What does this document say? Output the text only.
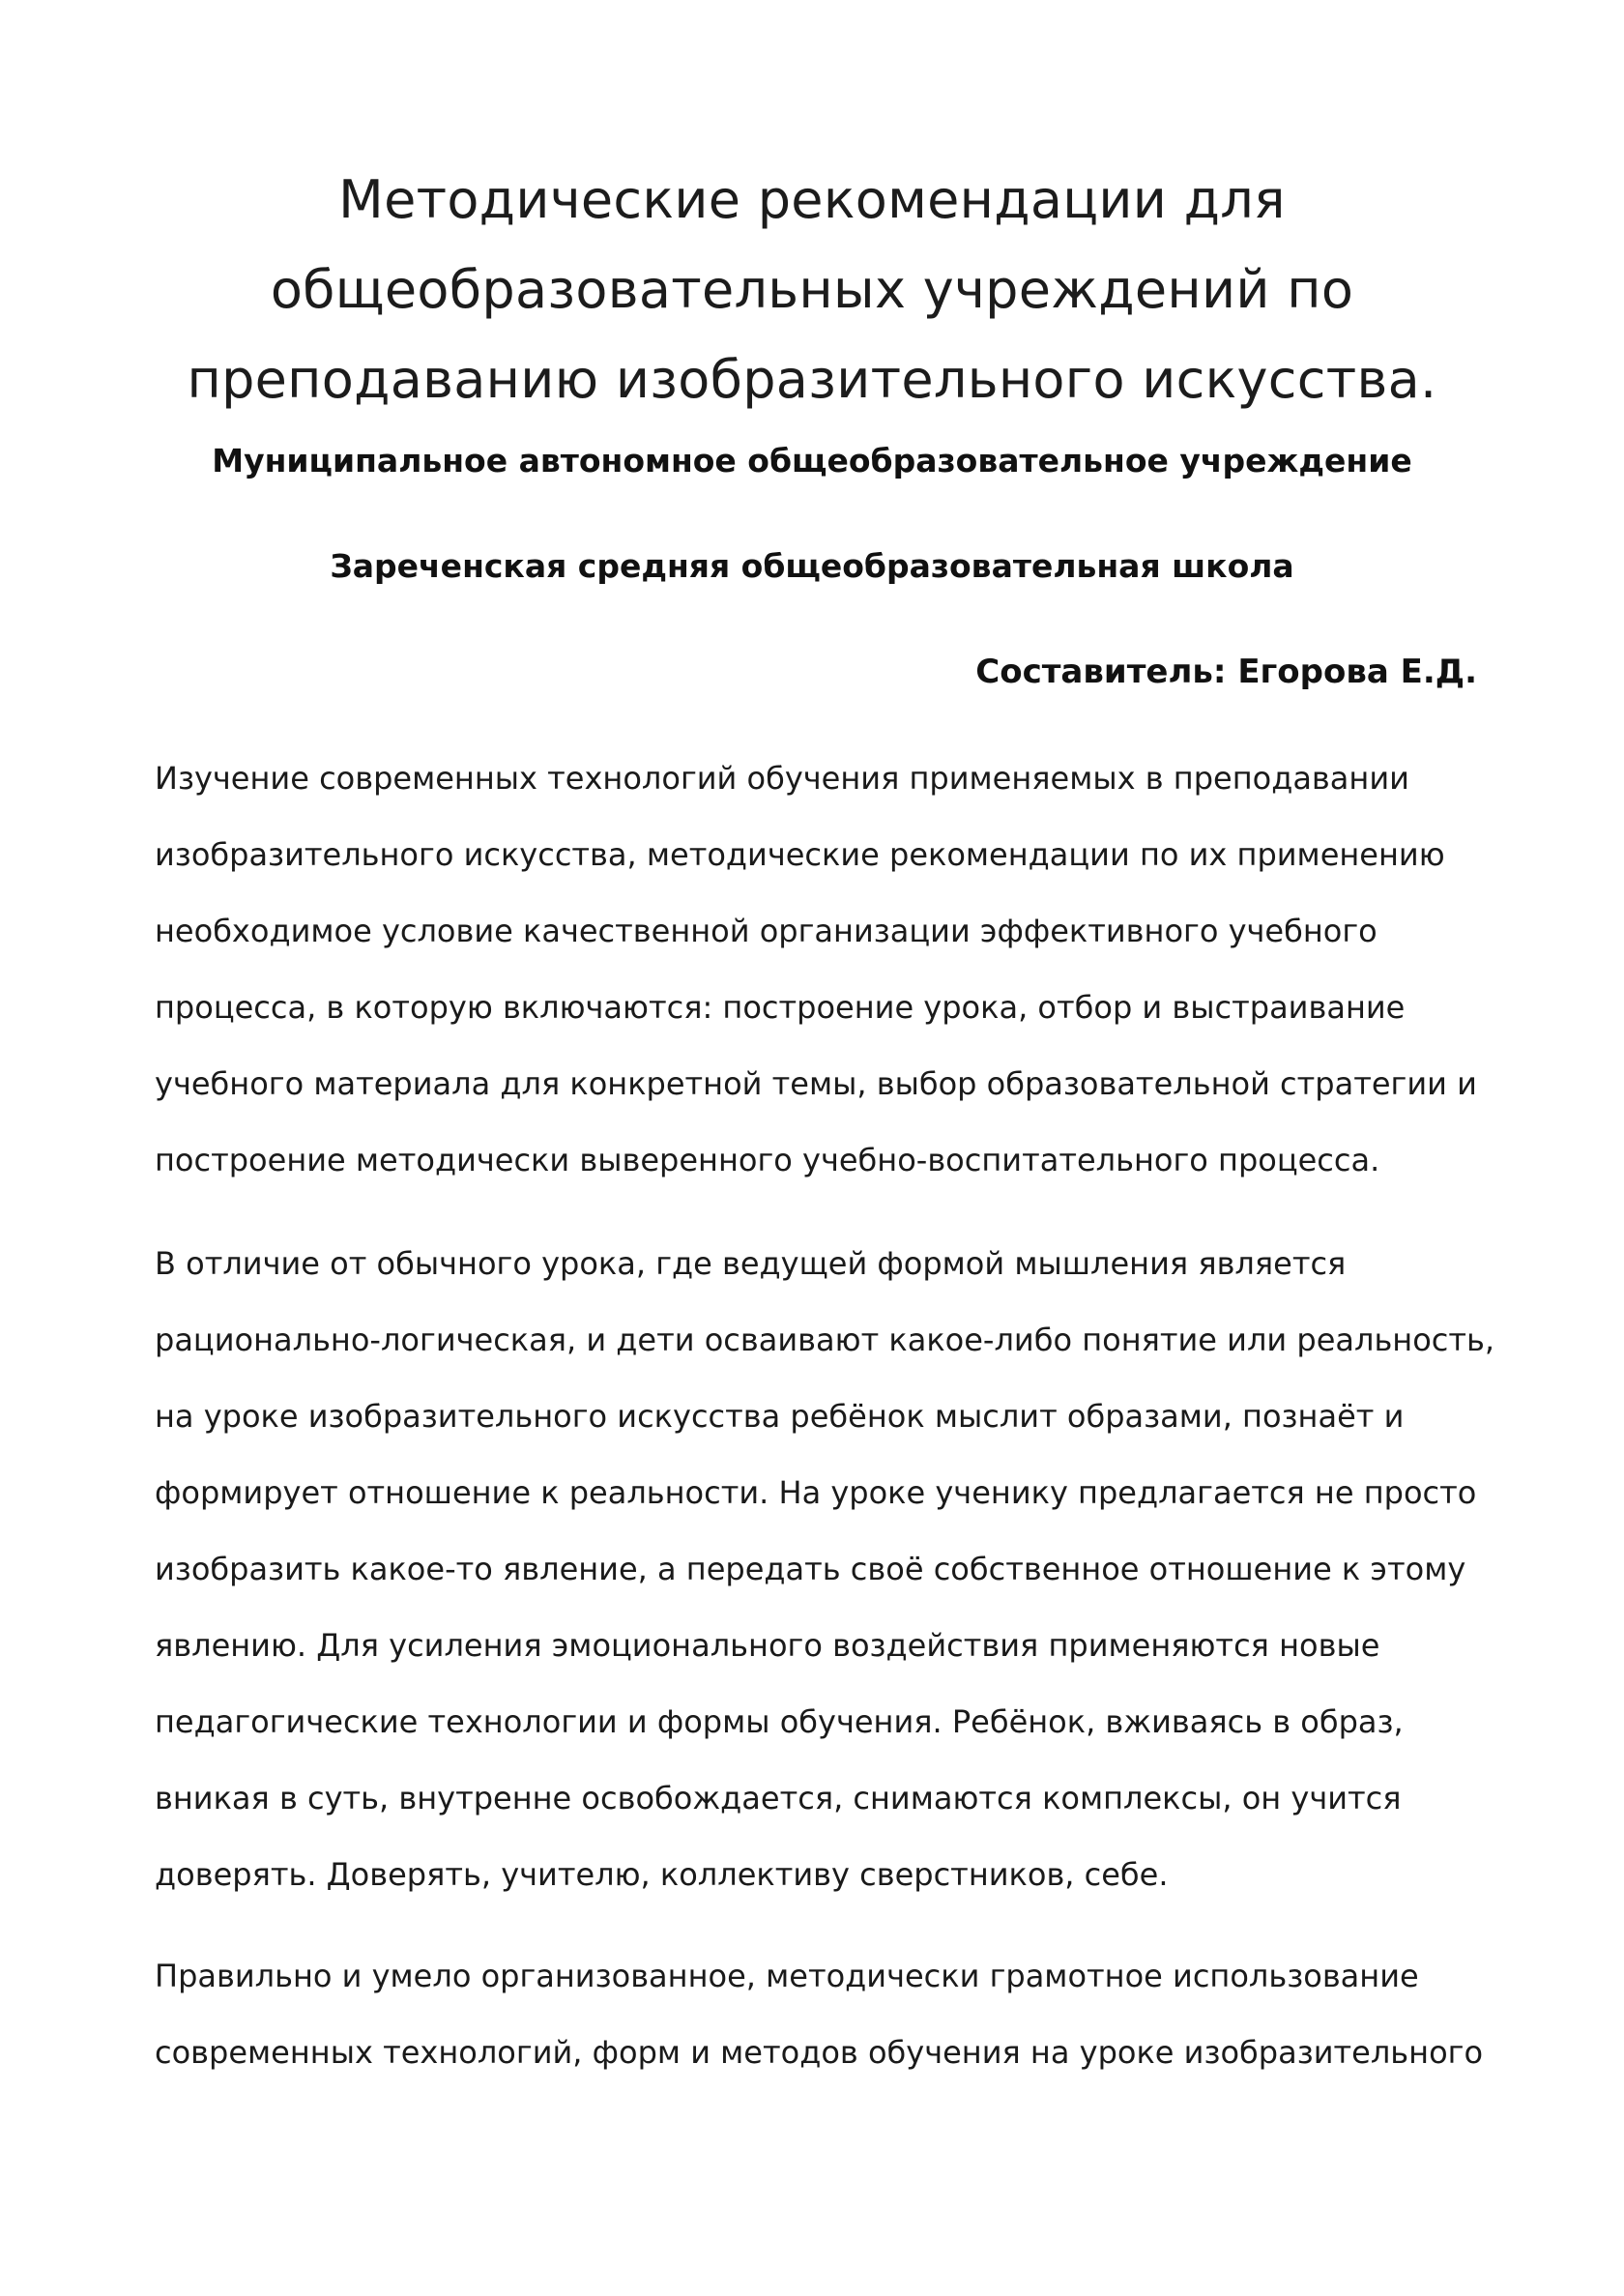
Методические рекомендации для
общеобразовательных учреждений по
преподаванию изобразительного искусства.

Муниципальное автономное общеобразовательное учреждение

Зареченская средняя общеобразовательная школа

Составитель: Егорова Е.Д.

Изучение современных технологий обучения применяемых в преподавании
изобразительного искусства, методические рекомендации по их применению
необходимое условие качественной организации эффективного учебного
процесса, в которую включаются: построение урока, отбор и выстраивание
учебного материала для конкретной темы, выбор образовательной стратегии и
построение методически выверенного учебно-воспитательного процесса.

В отличие от обычного урока, где ведущей формой мышления является
рационально-логическая, и дети осваивают какое-либо понятие или реальность,
на уроке изобразительного искусства ребёнок мыслит образами, познаёт и
формирует отношение к реальности. На уроке ученику предлагается не просто
изобразить какое-то явление, а передать своё собственное отношение к этому
явлению. Для усиления эмоционального воздействия применяются новые
педагогические технологии и формы обучения. Ребёнок, вживаясь в образ,
вникая в суть, внутренне освобождается, снимаются комплексы, он учится
доверять. Доверять, учителю, коллективу сверстников, себе.

Правильно и умело организованное, методически грамотное использование
современных технологий, форм и методов обучения на уроке изобразительного
